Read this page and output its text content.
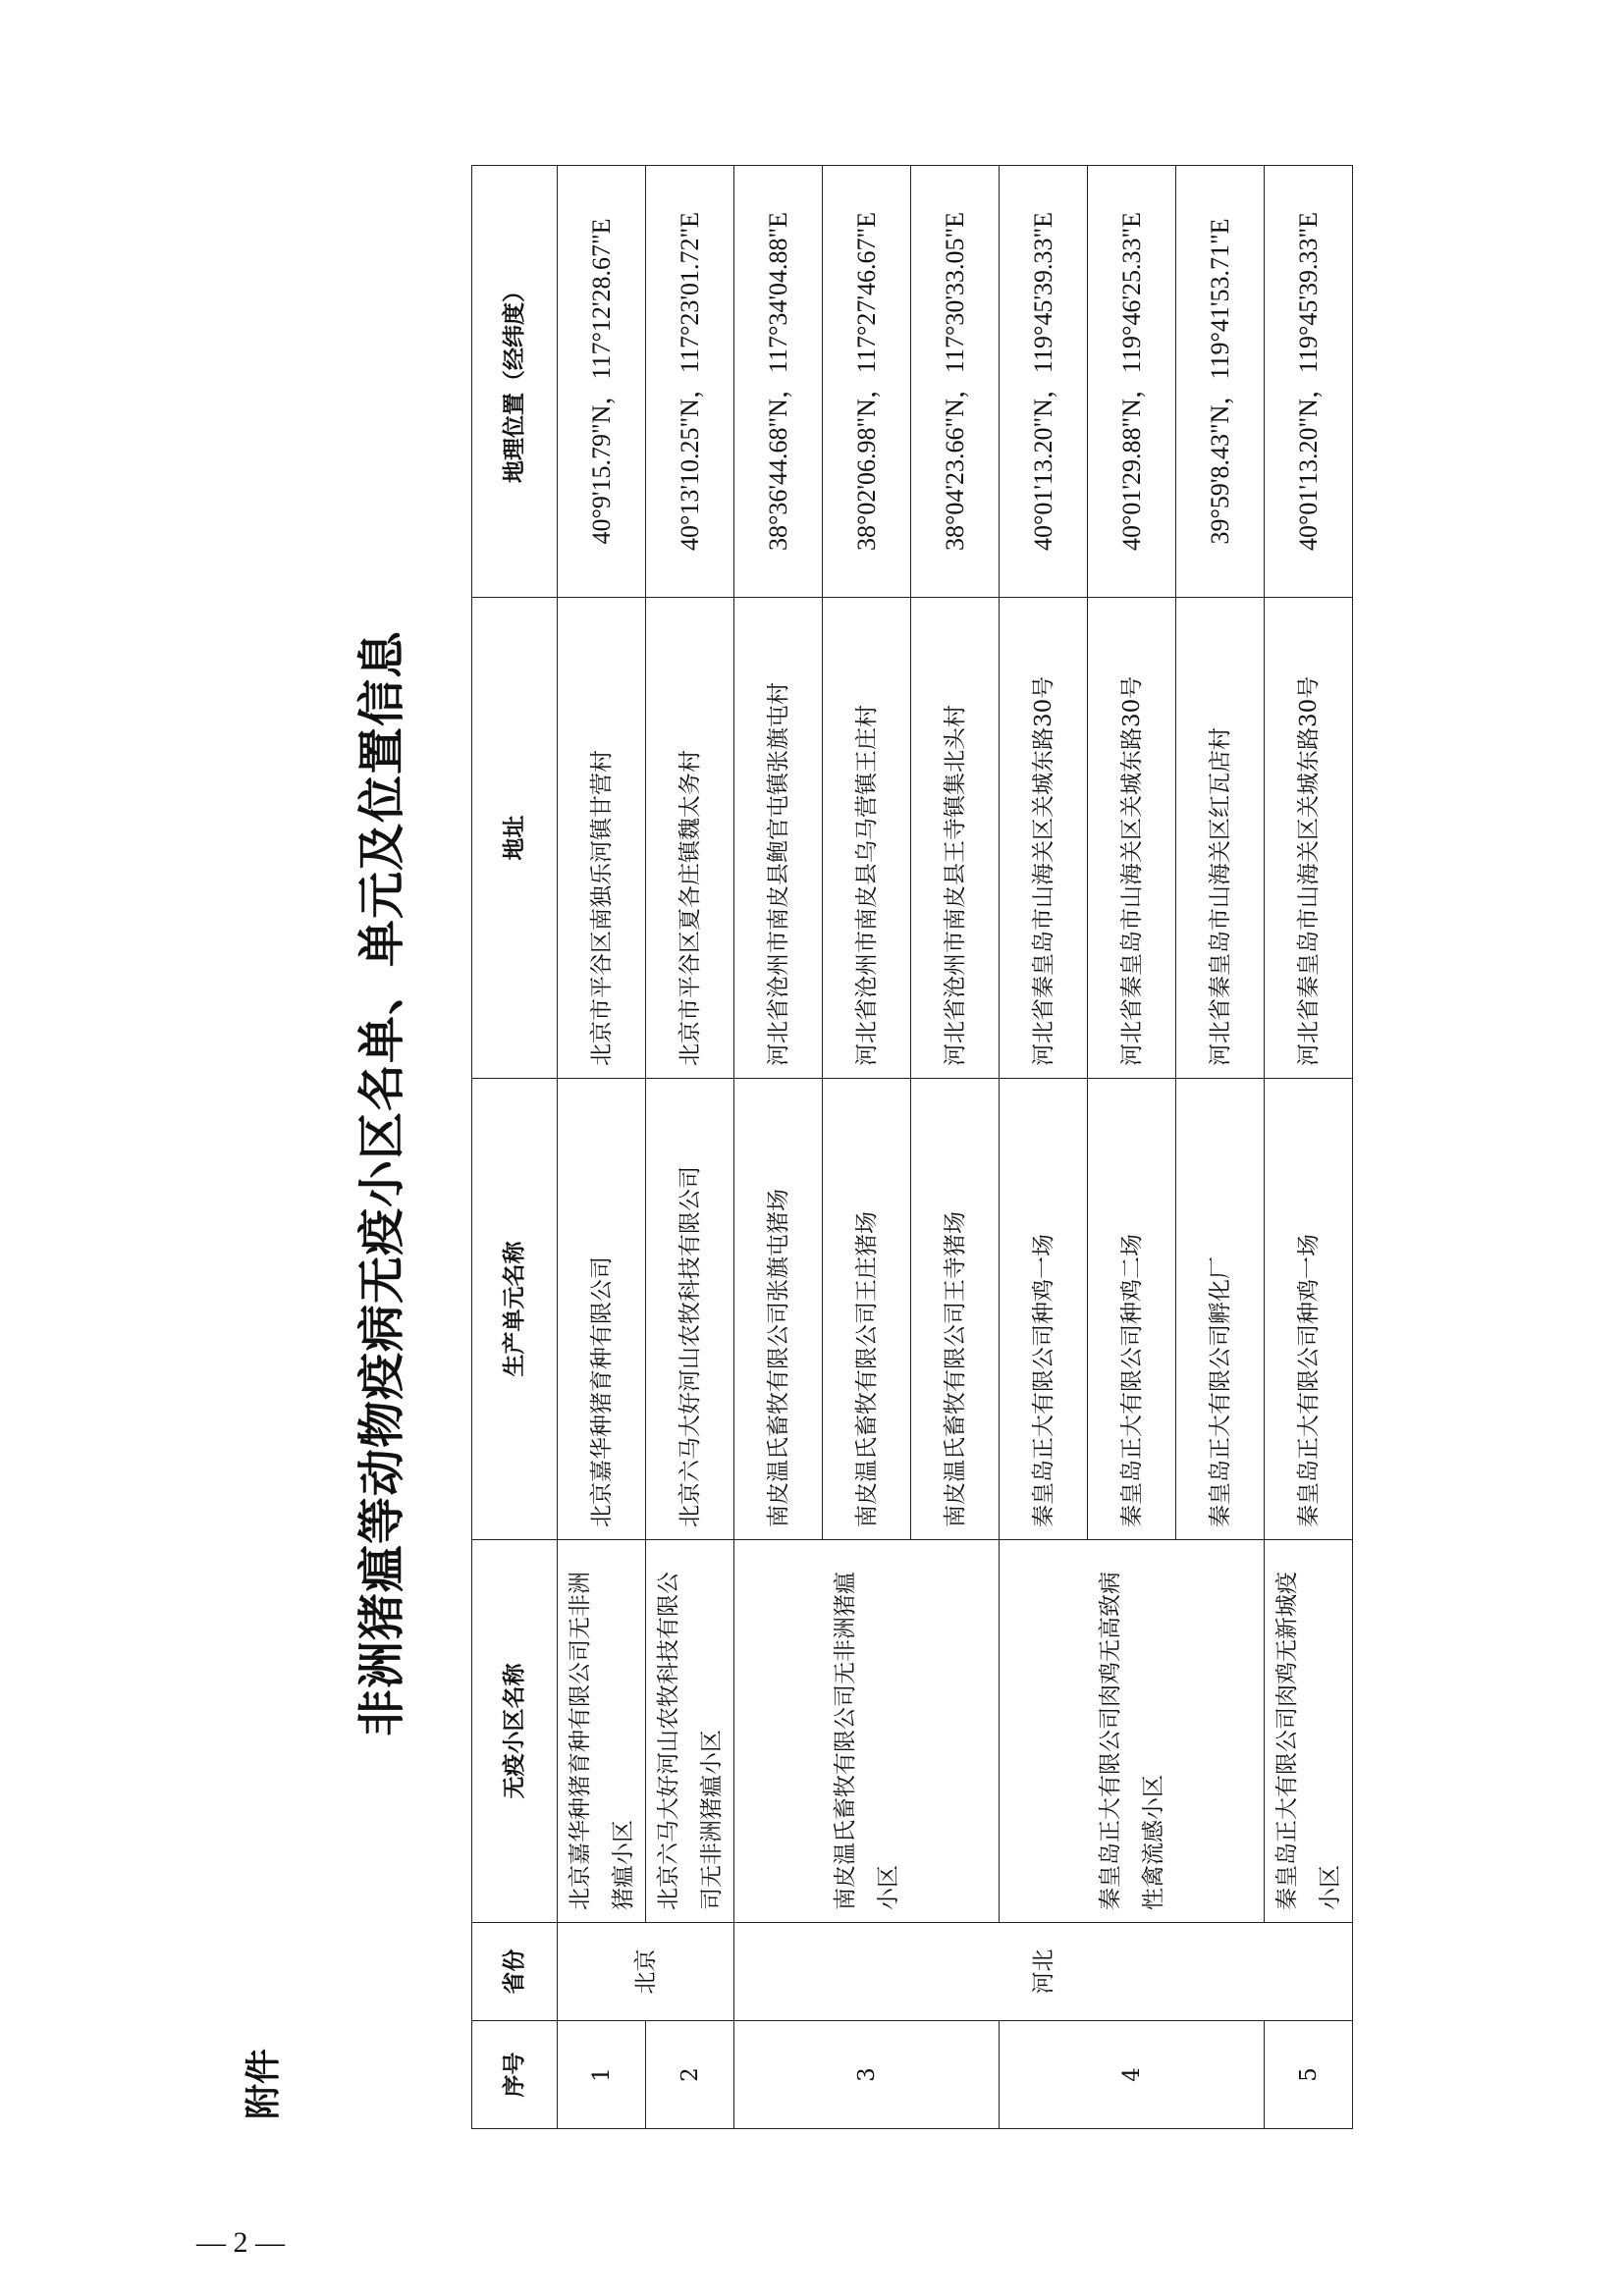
— 2 —
附件
非洲猪瘟等动物疫病无疫小区名单、单元及位置信息
序号	省份	无疫小区名称	生产单元名称	地址	地理位置（经纬度）
1	北京	北京嘉华种猪育种有限公司无非洲猪瘟小区	北京嘉华种猪育种有限公司	北京市平谷区南独乐河镇甘营村	40°9'15.79"N，117°12'28.67"E
2		北京六马大好河山农牧科技有限公司无非洲猪瘟小区	北京六马大好河山农牧科技有限公司	北京市平谷区夏各庄镇魏太务村	40°13'10.25"N，117°23'01.72"E
3	河北	南皮温氏畜牧有限公司无非洲猪瘟小区	南皮温氏畜牧有限公司张旗屯猪场	河北省沧州市南皮县鲍官屯镇张旗屯村	38°36'44.68"N，117°34'04.88"E
			南皮温氏畜牧有限公司王庄猪场	河北省沧州市南皮县乌马营镇王庄村	38°02'06.98"N，117°27'46.67"E
			南皮温氏畜牧有限公司王寺猪场	河北省沧州市南皮县王寺镇集北头村	38°04'23.66"N，117°30'33.05"E
4		秦皇岛正大有限公司肉鸡无高致病性禽流感小区	秦皇岛正大有限公司种鸡一场	河北省秦皇岛市山海关区关城东路30号	40°01'13.20"N，119°45'39.33"E
			秦皇岛正大有限公司种鸡二场	河北省秦皇岛市山海关区关城东路30号	40°01'29.88"N，119°46'25.33"E
			秦皇岛正大有限公司孵化厂	河北省秦皇岛市山海关区红瓦店村	39°59'8.43"N，119°41'53.71"E
5		秦皇岛正大有限公司肉鸡无新城疫小区	秦皇岛正大有限公司种鸡一场	河北省秦皇岛市山海关区关城东路30号	40°01'13.20"N，119°45'39.33"E
